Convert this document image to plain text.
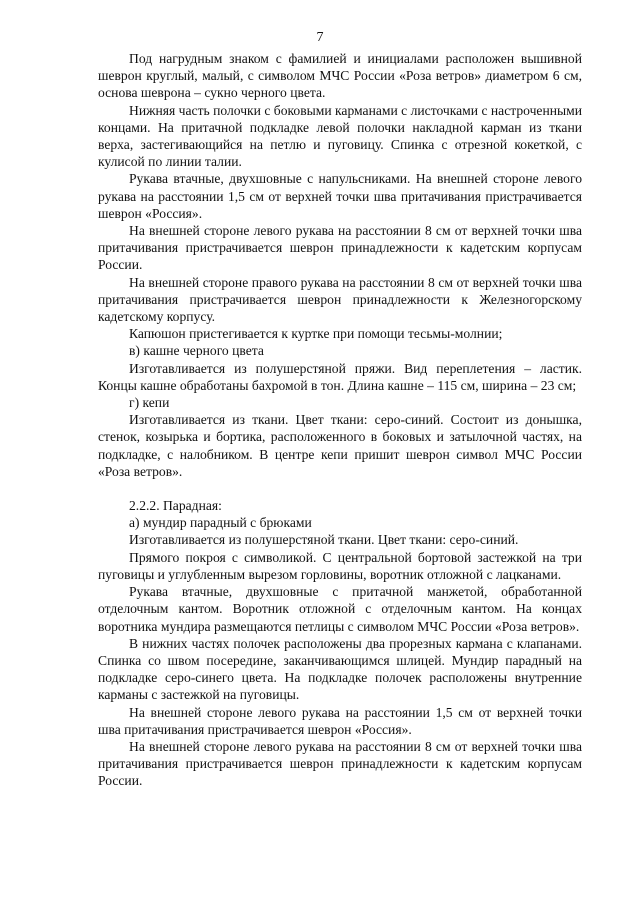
7

Под нагрудным знаком с фамилией и инициалами расположен вышивной шеврон круглый, малый, с символом МЧС России «Роза ветров» диаметром 6 см, основа шеврона – сукно черного цвета.

Нижняя часть полочки с боковыми карманами с листочками с настроченными концами. На притачной подкладке левой полочки накладной карман из ткани верха, застегивающийся на петлю и пуговицу. Спинка с отрезной кокеткой, с кулисой по линии талии.

Рукава втачные, двухшовные с напульсниками. На внешней стороне левого рукава на расстоянии 1,5 см от верхней точки шва притачивания пристрачивается шеврон «Россия».

На внешней стороне левого рукава на расстоянии 8 см от верхней точки шва притачивания пристрачивается шеврон принадлежности к кадетским корпусам России.

На внешней стороне правого рукава на расстоянии 8 см от верхней точки шва притачивания пристрачивается шеврон принадлежности к Железногорскому кадетскому корпусу.

Капюшон пристегивается к куртке при помощи тесьмы-молнии;

в) кашне черного цвета

Изготавливается из полушерстяной пряжи. Вид переплетения – ластик. Концы кашне обработаны бахромой в тон. Длина кашне – 115 см, ширина – 23 см;

г) кепи

Изготавливается из ткани. Цвет ткани: серо-синий. Состоит из донышка, стенок, козырька и бортика, расположенного в боковых и затылочной частях, на подкладке, с налобником. В центре кепи пришит шеврон символ МЧС России «Роза ветров».

2.2.2. Парадная:

а) мундир парадный с брюками

Изготавливается из полушерстяной ткани. Цвет ткани: серо-синий.

Прямого покроя с символикой. С центральной бортовой застежкой на три пуговицы и углубленным вырезом горловины, воротник отложной с лацканами.

Рукава втачные, двухшовные с притачной манжетой, обработанной отделочным кантом. Воротник отложной с отделочным кантом. На концах воротника мундира размещаются петлицы с символом МЧС России «Роза ветров».

В нижних частях полочек расположены два прорезных кармана с клапанами. Спинка со швом посередине, заканчивающимся шлицей. Мундир парадный на подкладке серо-синего цвета. На подкладке полочек расположены внутренние карманы с застежкой на пуговицы.

На внешней стороне левого рукава на расстоянии 1,5 см от верхней точки шва притачивания пристрачивается шеврон «Россия».

На внешней стороне левого рукава на расстоянии 8 см от верхней точки шва притачивания пристрачивается шеврон принадлежности к кадетским корпусам России.
